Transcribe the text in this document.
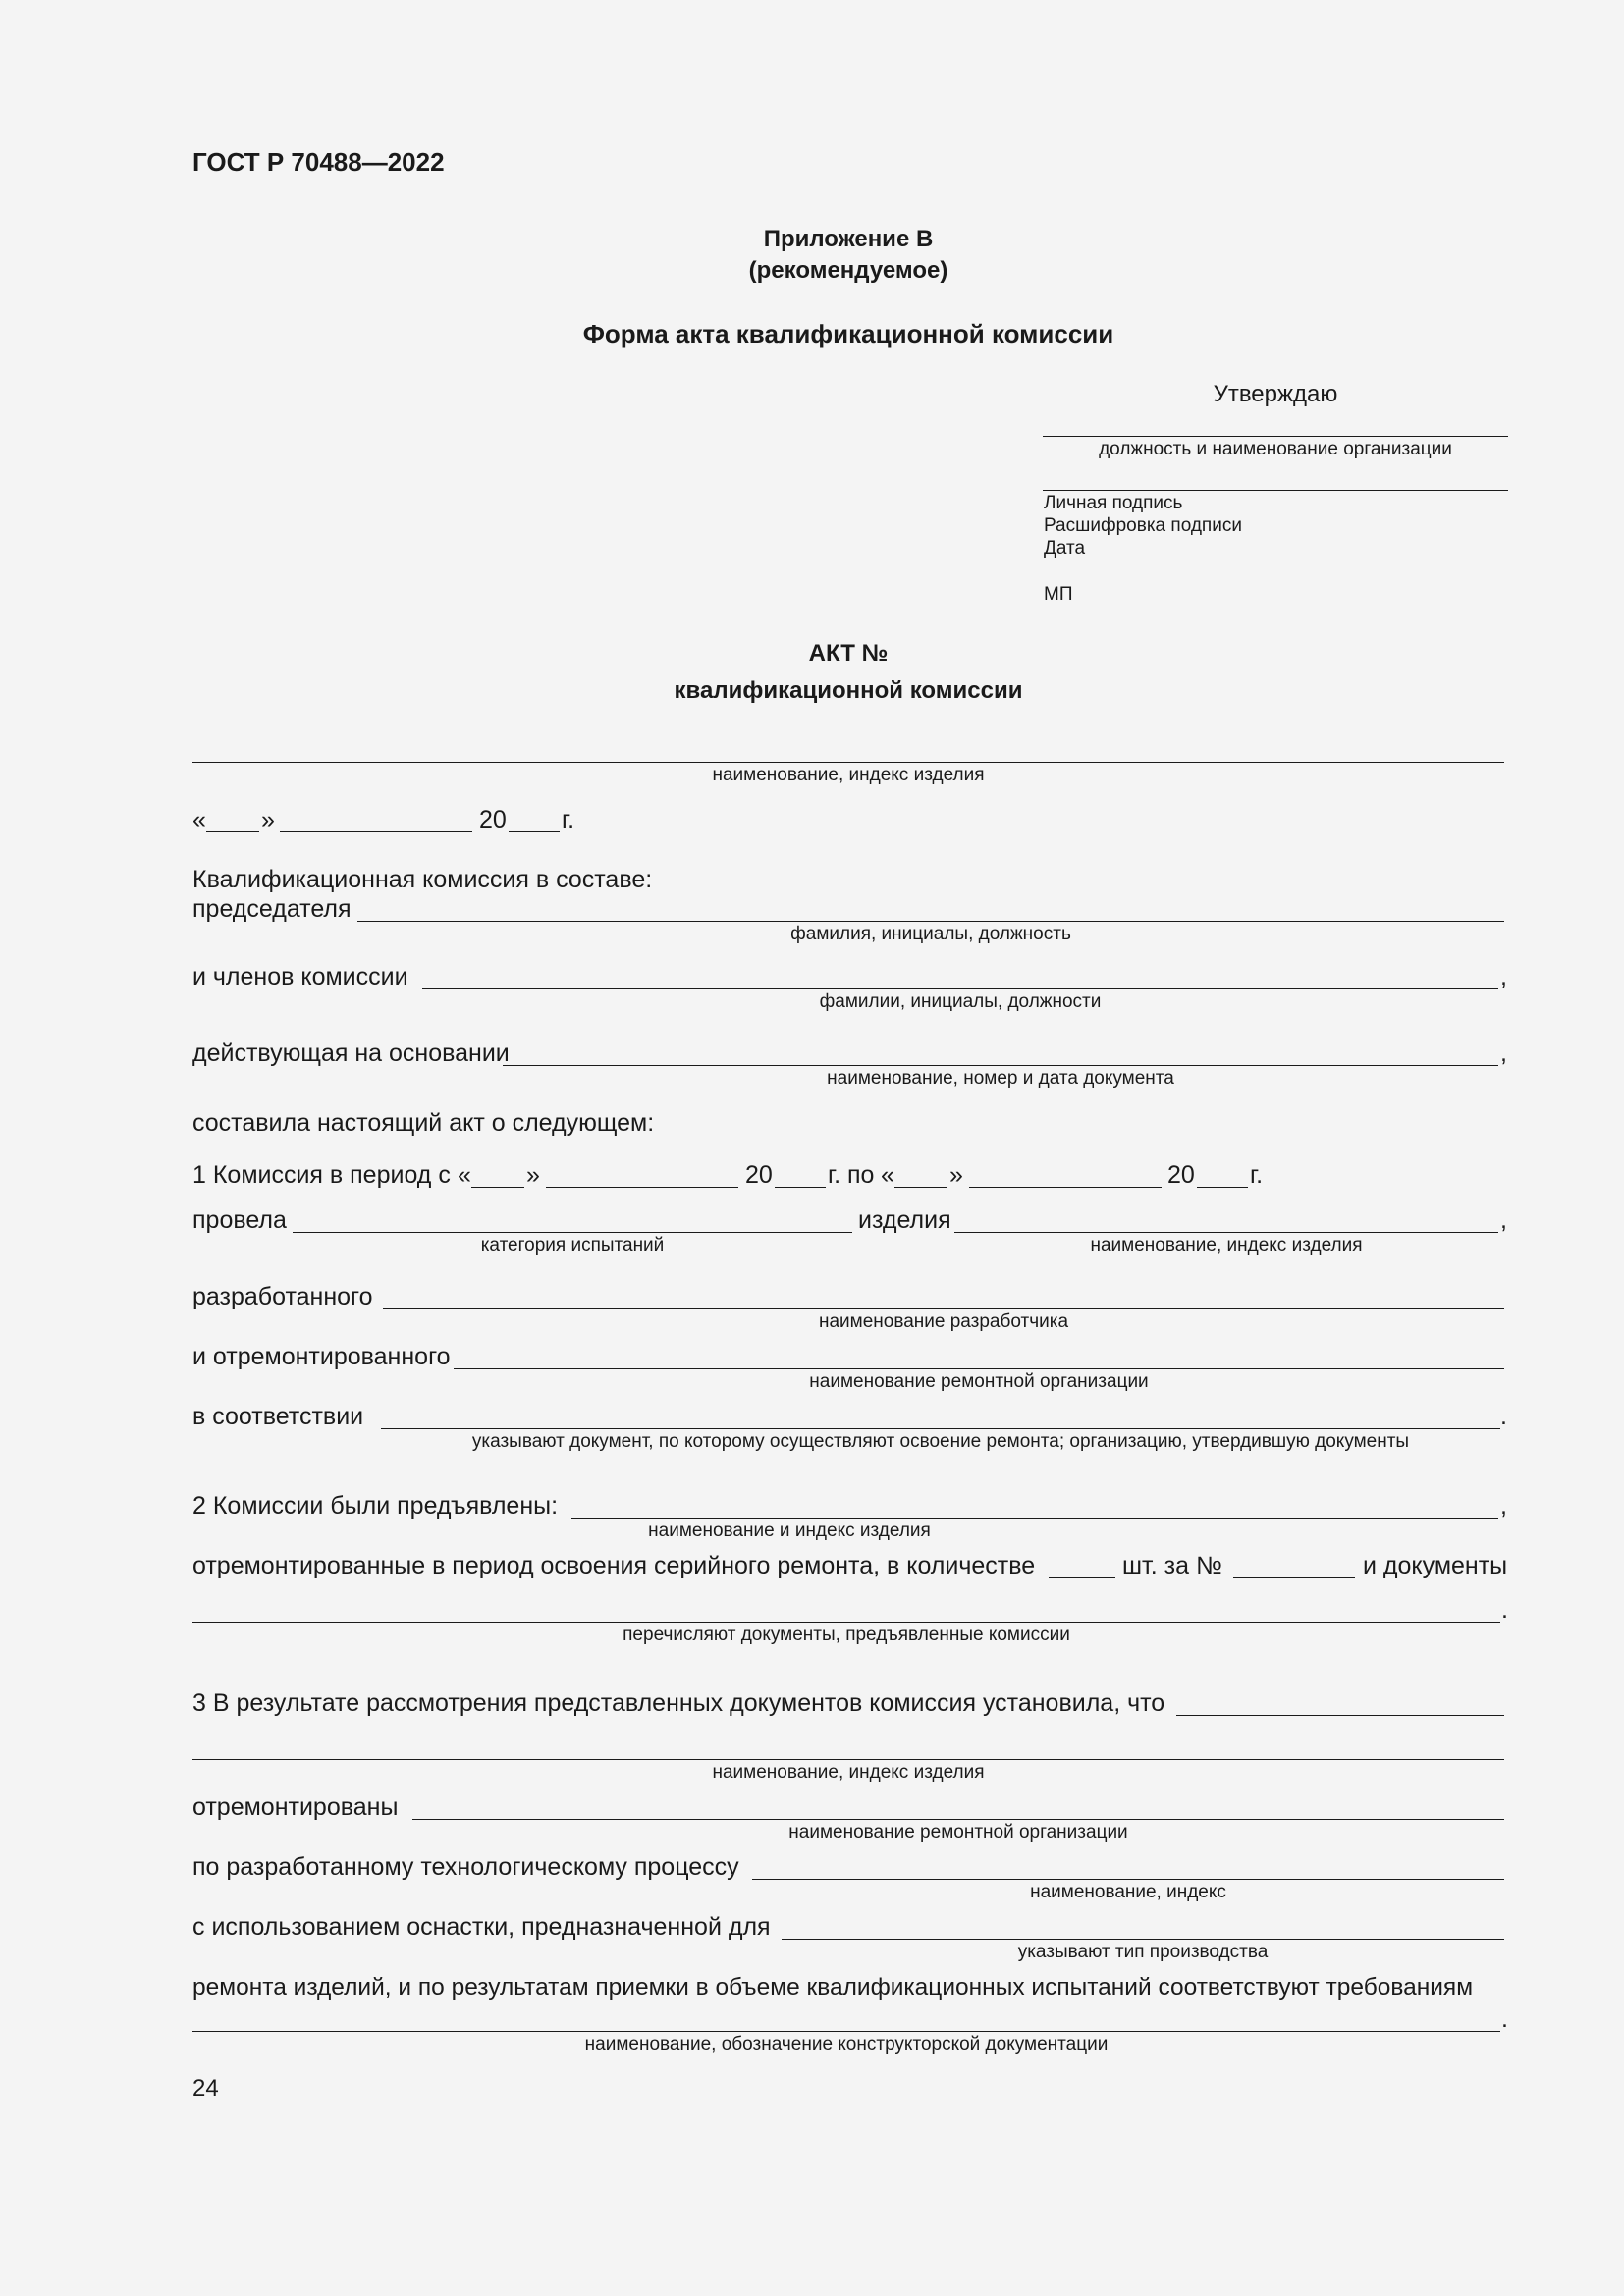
ГОСТ Р 70488—2022
Приложение В
(рекомендуемое)
Форма акта квалификационной комиссии
Утверждаю
должность и наименование организации
Личная подпись
Расшифровка подписи
Дата
МП
АКТ №
квалификационной комиссии
наименование, индекс изделия
« »	20 г.
Квалификационная комиссия в составе:
председателя
фамилия, инициалы, должность
и членов комиссии	,
фамилии, инициалы, должности
действующая на основании	,
наименование, номер и дата документа
составила настоящий акт о следующем:
1 Комиссия в период с « »	20 г. по « »	20 г.
провела
категория испытаний
изделия	,
наименование, индекс изделия
разработанного
наименование разработчика
и отремонтированного
наименование ремонтной организации
в соответствии	.
указывают документ, по которому осуществляют освоение ремонта; организацию, утвердившую документы
2 Комиссии были предъявлены:	,
наименование и индекс изделия
отремонтированные в период освоения серийного ремонта, в количестве	шт. за №	и документы
.
перечисляют документы, предъявленные комиссии
3 В результате рассмотрения представленных документов комиссия установила, что
наименование, индекс изделия
отремонтированы
наименование ремонтной организации
по разработанному технологическому процессу
наименование, индекс
с использованием оснастки, предназначенной для
указывают тип производства
ремонта изделий, и по результатам приемки в объеме квалификационных испытаний соответствуют требованиям
.
наименование, обозначение конструкторской документации
24
